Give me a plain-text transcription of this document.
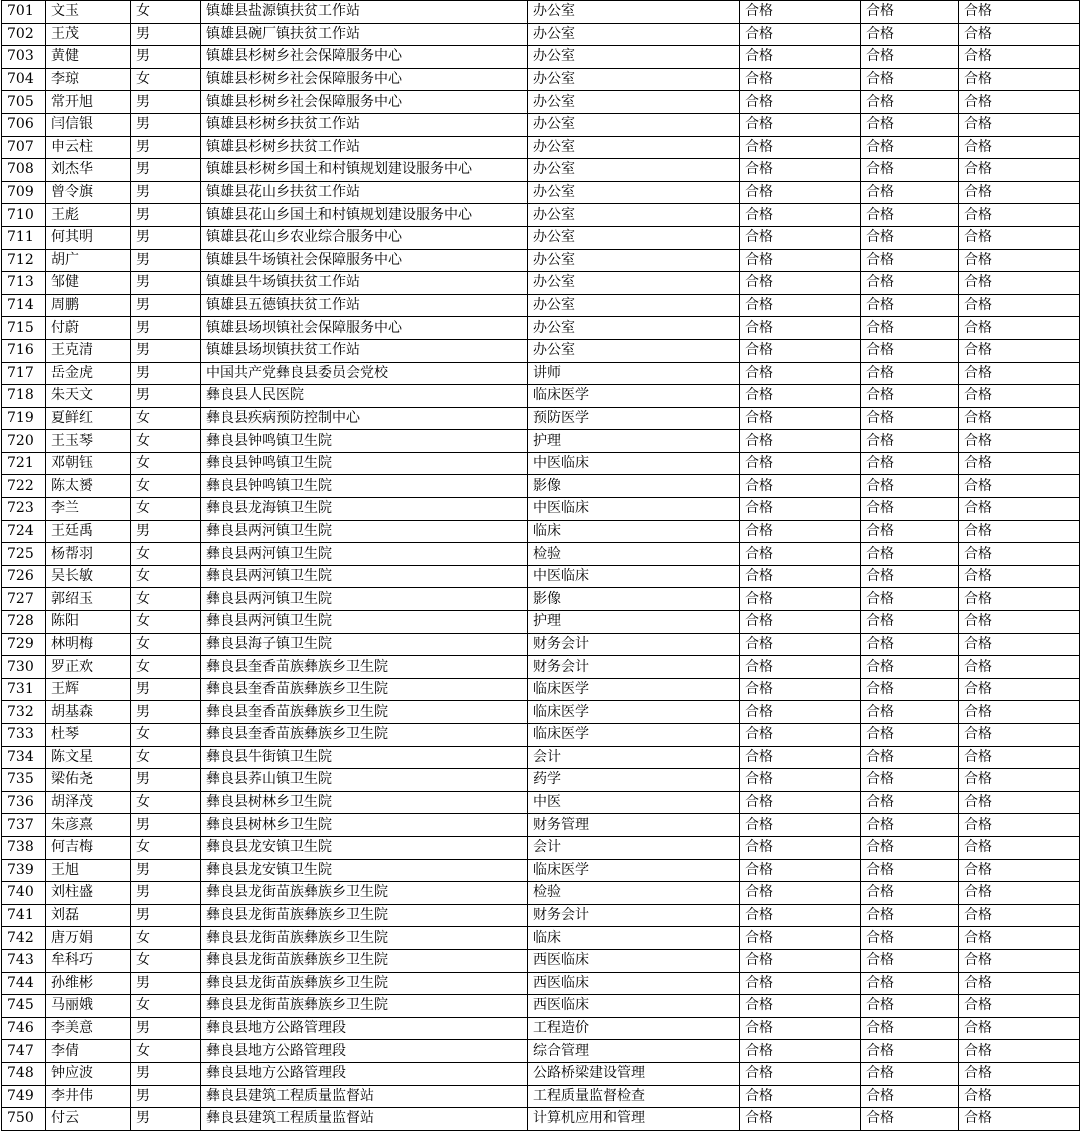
701	文玉	女	镇雄县盐源镇扶贫工作站	办公室	合格	合格	合格
702	王茂	男	镇雄县碗厂镇扶贫工作站	办公室	合格	合格	合格
703	黄健	男	镇雄县杉树乡社会保障服务中心	办公室	合格	合格	合格
704	李琼	女	镇雄县杉树乡社会保障服务中心	办公室	合格	合格	合格
705	常开旭	男	镇雄县杉树乡社会保障服务中心	办公室	合格	合格	合格
706	闫信银	男	镇雄县杉树乡扶贫工作站	办公室	合格	合格	合格
707	申云柱	男	镇雄县杉树乡扶贫工作站	办公室	合格	合格	合格
708	刘杰华	男	镇雄县杉树乡国土和村镇规划建设服务中心	办公室	合格	合格	合格
709	曾令旗	男	镇雄县花山乡扶贫工作站	办公室	合格	合格	合格
710	王彪	男	镇雄县花山乡国土和村镇规划建设服务中心	办公室	合格	合格	合格
711	何其明	男	镇雄县花山乡农业综合服务中心	办公室	合格	合格	合格
712	胡广	男	镇雄县牛场镇社会保障服务中心	办公室	合格	合格	合格
713	邹健	男	镇雄县牛场镇扶贫工作站	办公室	合格	合格	合格
714	周鹏	男	镇雄县五德镇扶贫工作站	办公室	合格	合格	合格
715	付蔚	男	镇雄县场坝镇社会保障服务中心	办公室	合格	合格	合格
716	王克清	男	镇雄县场坝镇扶贫工作站	办公室	合格	合格	合格
717	岳金虎	男	中国共产党彝良县委员会党校	讲师	合格	合格	合格
718	朱天文	男	彝良县人民医院	临床医学	合格	合格	合格
719	夏鲜红	女	彝良县疾病预防控制中心	预防医学	合格	合格	合格
720	王玉琴	女	彝良县钟鸣镇卫生院	护理	合格	合格	合格
721	邓朝钰	女	彝良县钟鸣镇卫生院	中医临床	合格	合格	合格
722	陈太赟	女	彝良县钟鸣镇卫生院	影像	合格	合格	合格
723	李兰	女	彝良县龙海镇卫生院	中医临床	合格	合格	合格
724	王廷禹	男	彝良县两河镇卫生院	临床	合格	合格	合格
725	杨帮羽	女	彝良县两河镇卫生院	检验	合格	合格	合格
726	吴长敏	女	彝良县两河镇卫生院	中医临床	合格	合格	合格
727	郭绍玉	女	彝良县两河镇卫生院	影像	合格	合格	合格
728	陈阳	女	彝良县两河镇卫生院	护理	合格	合格	合格
729	林明梅	女	彝良县海子镇卫生院	财务会计	合格	合格	合格
730	罗正欢	女	彝良县奎香苗族彝族乡卫生院	财务会计	合格	合格	合格
731	王辉	男	彝良县奎香苗族彝族乡卫生院	临床医学	合格	合格	合格
732	胡基森	男	彝良县奎香苗族彝族乡卫生院	临床医学	合格	合格	合格
733	杜琴	女	彝良县奎香苗族彝族乡卫生院	临床医学	合格	合格	合格
734	陈文星	女	彝良县牛街镇卫生院	会计	合格	合格	合格
735	梁佑尧	男	彝良县荞山镇卫生院	药学	合格	合格	合格
736	胡泽茂	女	彝良县树林乡卫生院	中医	合格	合格	合格
737	朱彦熹	男	彝良县树林乡卫生院	财务管理	合格	合格	合格
738	何吉梅	女	彝良县龙安镇卫生院	会计	合格	合格	合格
739	王旭	男	彝良县龙安镇卫生院	临床医学	合格	合格	合格
740	刘柱盛	男	彝良县龙街苗族彝族乡卫生院	检验	合格	合格	合格
741	刘磊	男	彝良县龙街苗族彝族乡卫生院	财务会计	合格	合格	合格
742	唐万娟	女	彝良县龙街苗族彝族乡卫生院	临床	合格	合格	合格
743	牟科巧	女	彝良县龙街苗族彝族乡卫生院	西医临床	合格	合格	合格
744	孙维彬	男	彝良县龙街苗族彝族乡卫生院	西医临床	合格	合格	合格
745	马丽娥	女	彝良县龙街苗族彝族乡卫生院	西医临床	合格	合格	合格
746	李美意	男	彝良县地方公路管理段	工程造价	合格	合格	合格
747	李倩	女	彝良县地方公路管理段	综合管理	合格	合格	合格
748	钟应波	男	彝良县地方公路管理段	公路桥梁建设管理	合格	合格	合格
749	李井伟	男	彝良县建筑工程质量监督站	工程质量监督检查	合格	合格	合格
750	付云	男	彝良县建筑工程质量监督站	计算机应用和管理	合格	合格	合格
